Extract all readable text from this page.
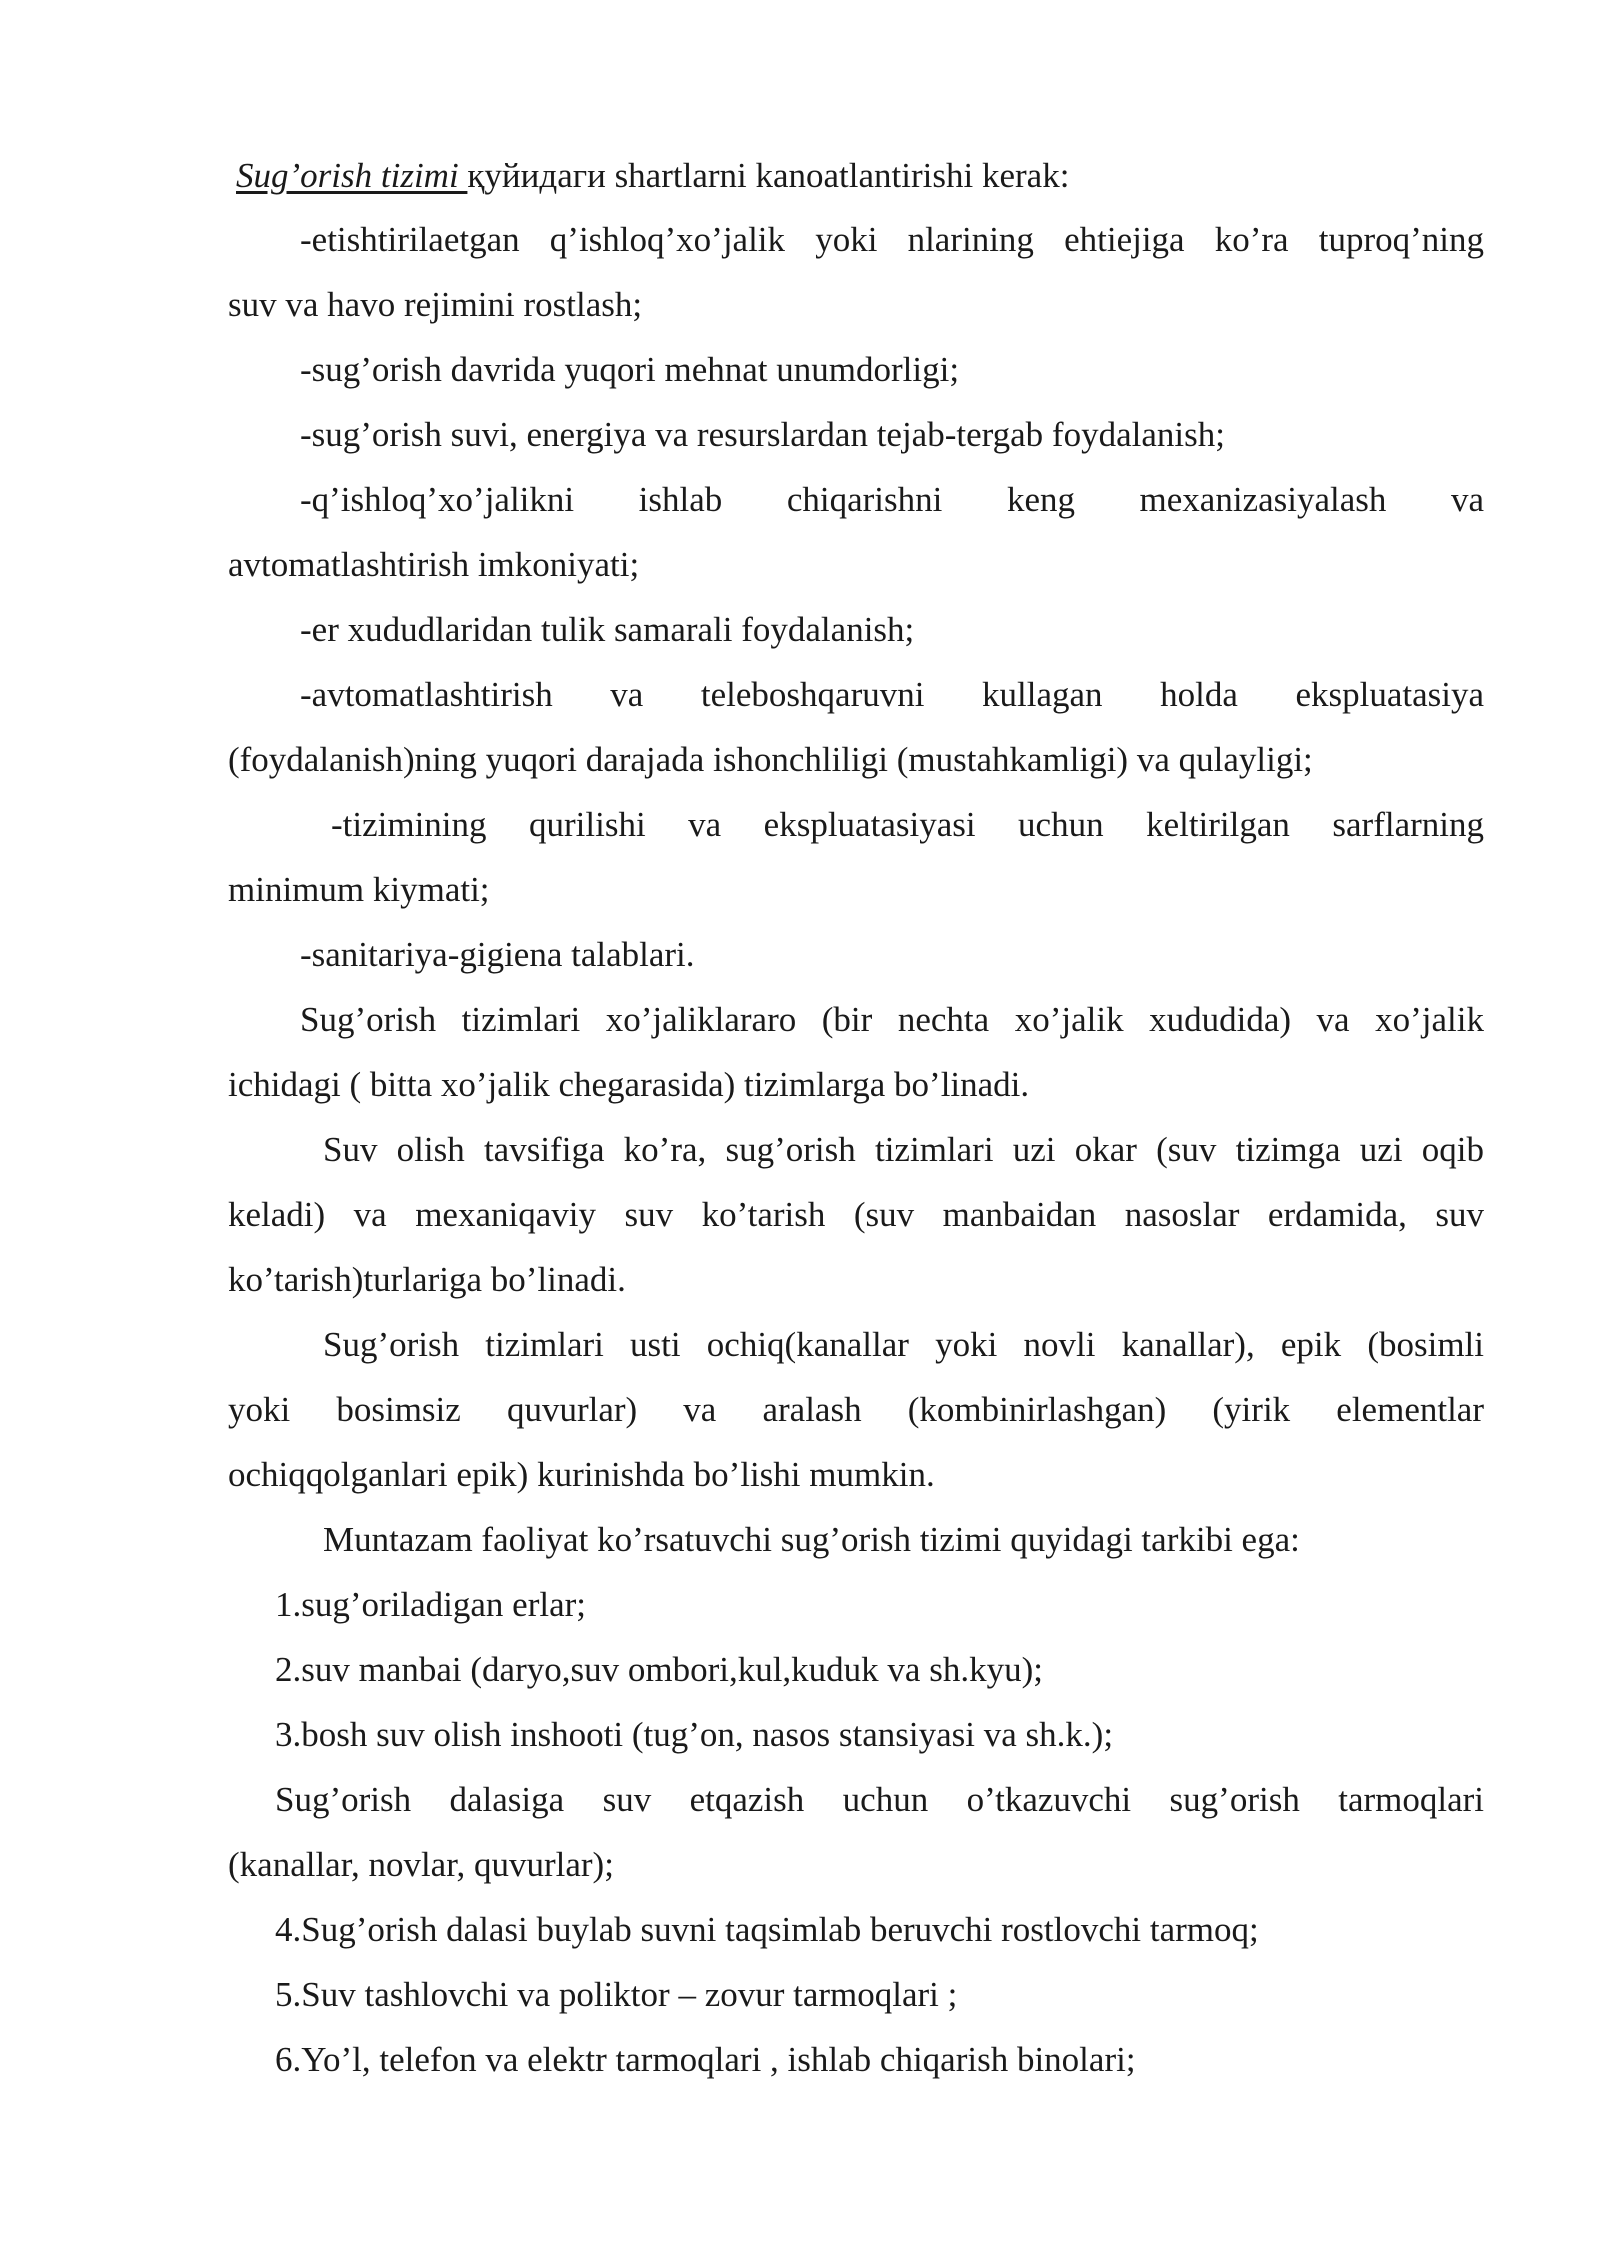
Sug’orish tizimi қуйидаги shartlarni kanoatlantirishi kerak:
-etishtirilaetgan q’ishloq’xo’jalik yoki nlarining ehtiejiga ko’ra tuproq’ning
suv va havo rejimini rostlash;
-sug’orish davrida yuqori mehnat unumdorligi;
-sug’orish suvi, energiya va resurslardan tejab-tergab foydalanish;
-q’ishloq’xo’jalikni ishlab chiqarishni keng mexanizasiyalash va
avtomatlashtirish imkoniyati;
-er xududlaridan tulik samarali foydalanish;
-avtomatlashtirish va teleboshqaruvni kullagan holda ekspluatasiya
(foydalanish)ning yuqori darajada ishonchliligi (mustahkamligi) va qulayligi;
-tizimining qurilishi va ekspluatasiyasi uchun keltirilgan sarflarning
minimum kiymati;
-sanitariya-gigiena talablari.
Sug’orish tizimlari xo’jaliklararo (bir nechta xo’jalik xududida) va xo’jalik
ichidagi ( bitta xo’jalik chegarasida) tizimlarga bo’linadi.
Suv olish tavsifiga ko’ra, sug’orish tizimlari uzi okar (suv tizimga uzi oqib
keladi) va mexaniqaviy suv ko’tarish (suv manbaidan nasoslar erdamida, suv
ko’tarish)turlariga bo’linadi.
Sug’orish tizimlari usti ochiq(kanallar yoki novli kanallar), epik (bosimli
yoki bosimsiz quvurlar) va aralash (kombinirlashgan) (yirik elementlar
ochiqqolganlari epik) kurinishda bo’lishi mumkin.
Muntazam faoliyat ko’rsatuvchi sug’orish tizimi quyidagi tarkibi ega:
1.sug’oriladigan erlar;
2.suv manbai (daryo,suv ombori,kul,kuduk va sh.kyu);
3.bosh suv olish inshooti (tug’on, nasos stansiyasi va sh.k.);
Sug’orish dalasiga suv etqazish uchun o’tkazuvchi sug’orish tarmoqlari
(kanallar, novlar, quvurlar);
4.Sug’orish dalasi buylab suvni taqsimlab beruvchi rostlovchi tarmoq;
5.Suv tashlovchi va poliktor – zovur tarmoqlari ;
6.Yo’l, telefon va elektr tarmoqlari , ishlab chiqarish binolari;
